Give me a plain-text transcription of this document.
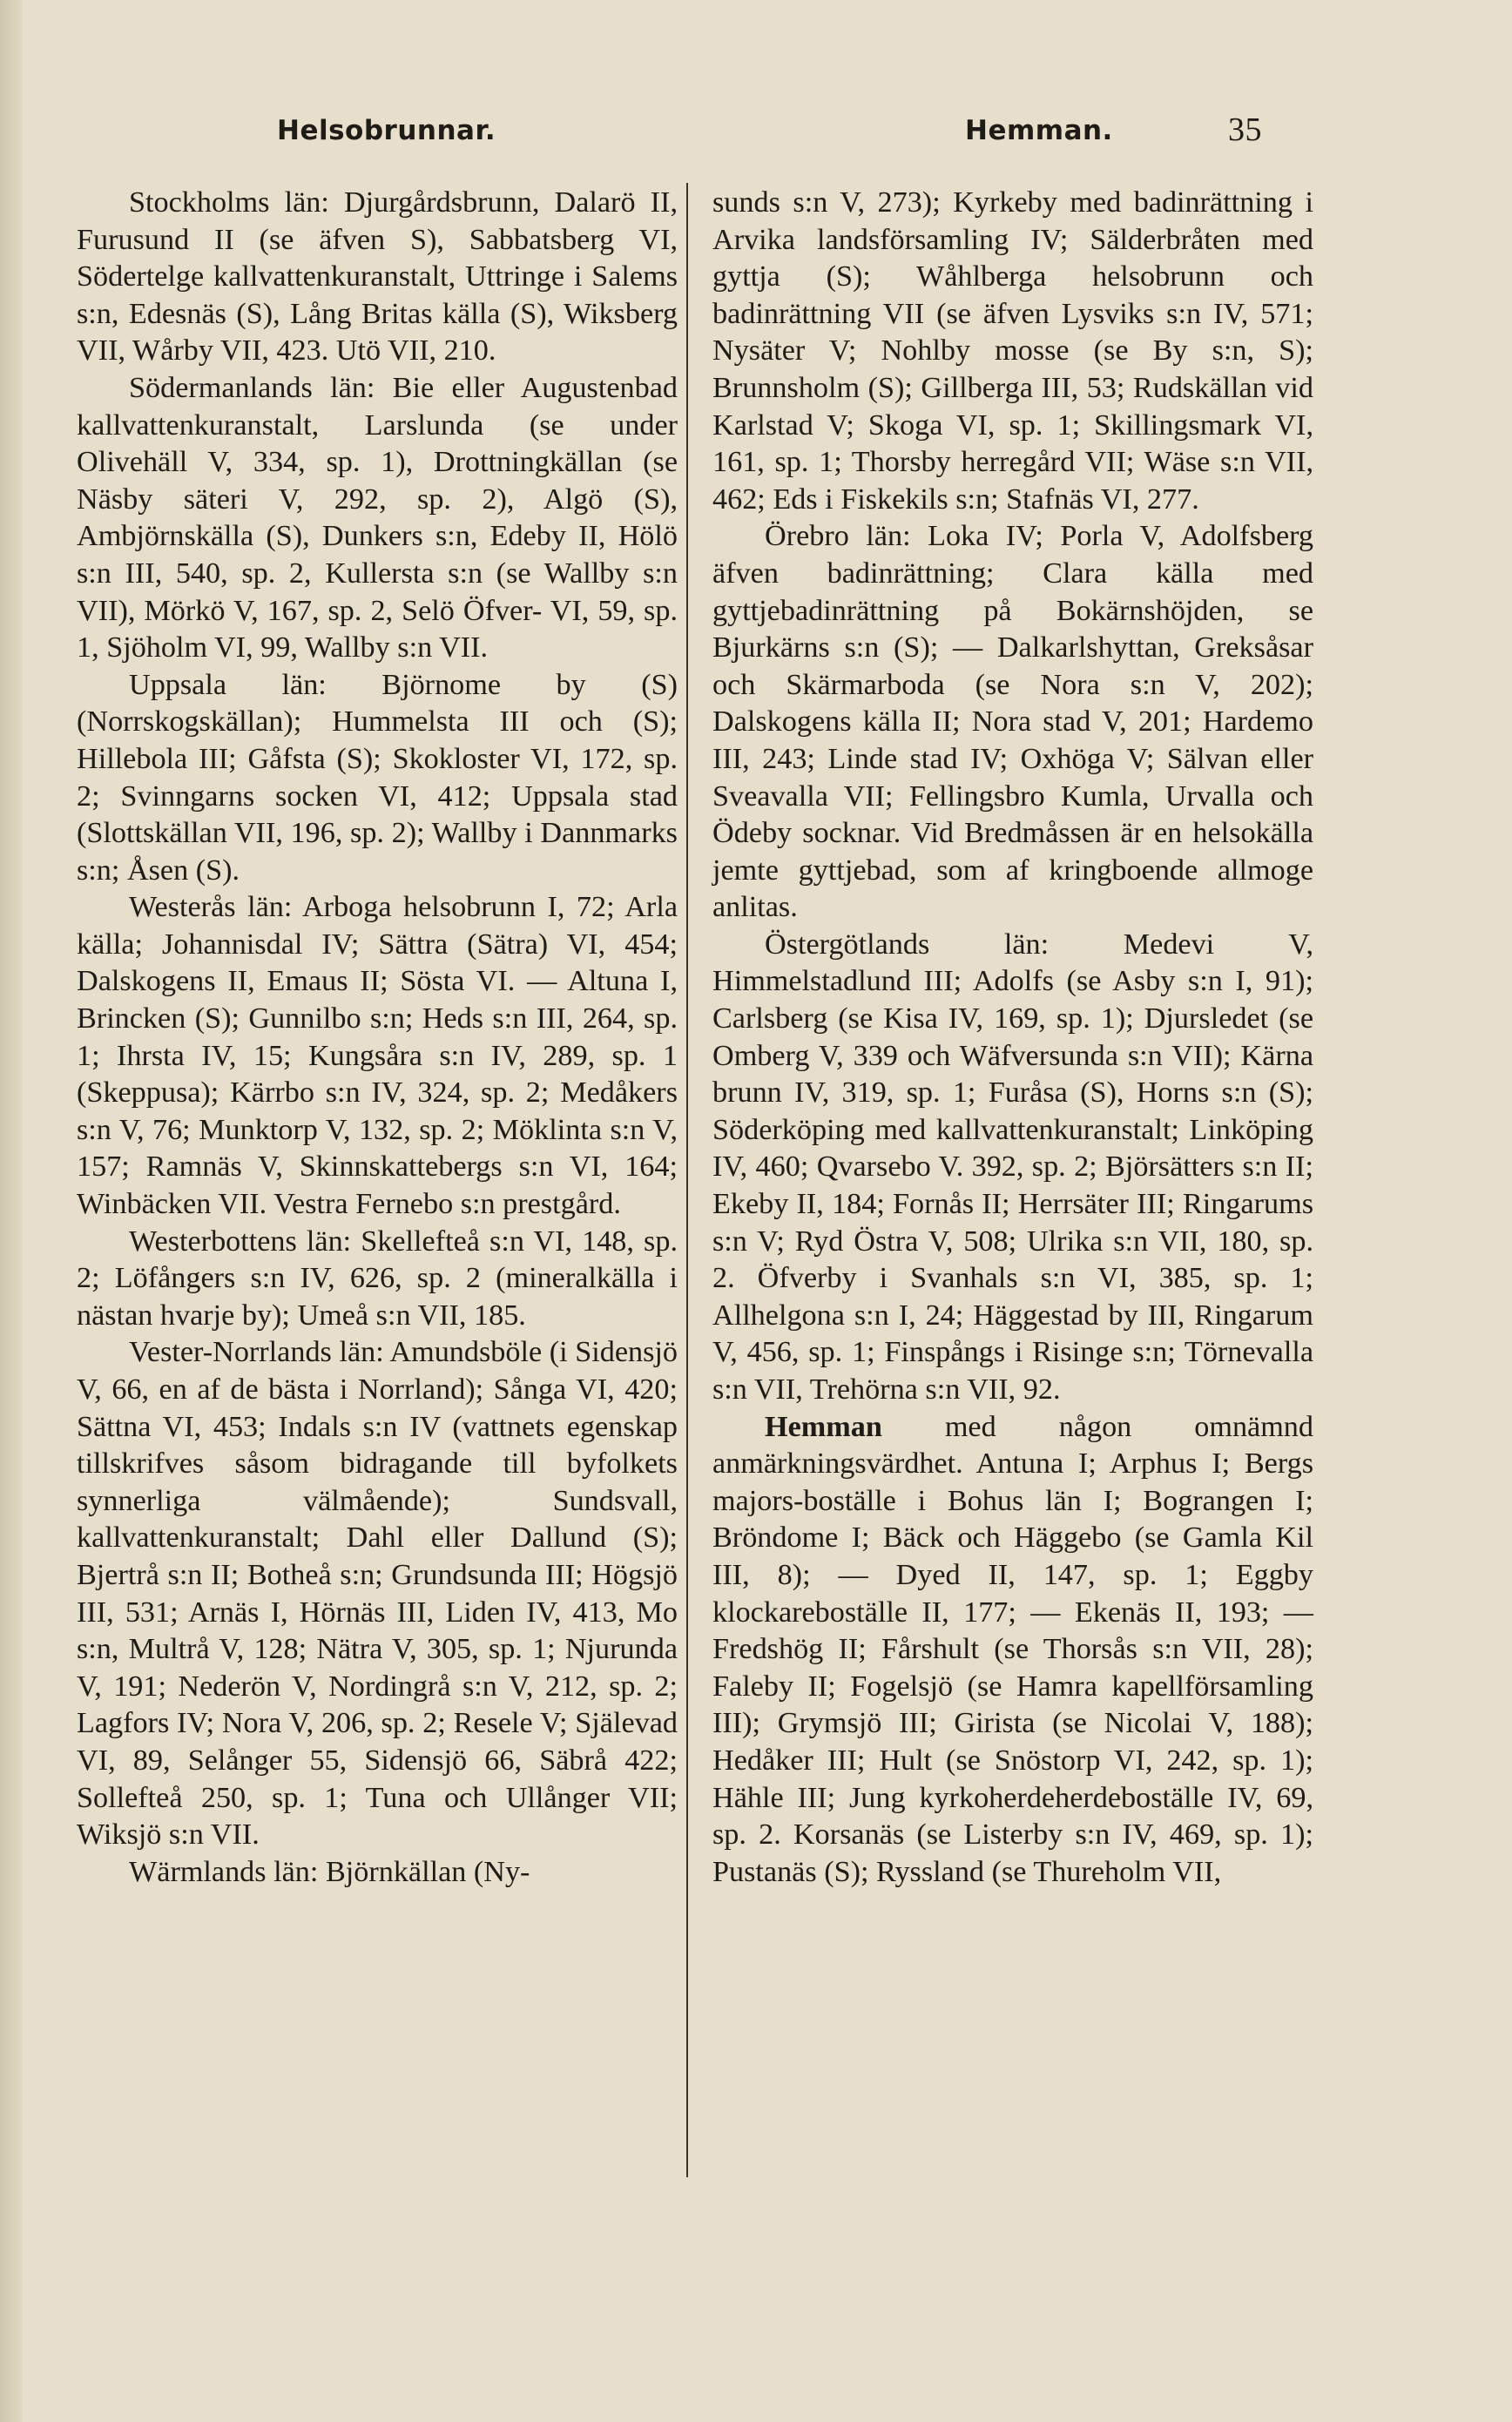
Helsobrunnar.	Hemman.	35

Stockholms län: Djurgårdsbrunn, Dalarö II, Furusund II (se äfven S), Sabbatsberg VI, Södertelge kallvattenkuranstalt, Uttringe i Salems s:n, Edesnäs (S), Lång Britas källa (S), Wiksberg VII, Wårby VII, 423. Utö VII, 210.

Södermanlands län: Bie eller Augustenbad kallvattenkuranstalt, Larslunda (se under Olivehäll V, 334, sp. 1), Drottningkällan (se Näsby säteri V, 292, sp. 2), Algö (S), Ambjörnskälla (S), Dunkers s:n, Edeby II, Hölö s:n III, 540, sp. 2, Kullersta s:n (se Wallby s:n VII), Mörkö V, 167, sp. 2, Selö Öfver- VI, 59, sp. 1, Sjöholm VI, 99, Wallby s:n VII.

Uppsala län: Björnome by (S) (Norrskogskällan); Hummelsta III och (S); Hillebola III; Gåfsta (S); Skokloster VI, 172, sp. 2; Svinngarns socken VI, 412; Uppsala stad (Slottskällan VII, 196, sp. 2); Wallby i Dannmarks s:n; Åsen (S).

Westerås län: Arboga helsobrunn I, 72; Arla källa; Johannisdal IV; Sättra (Sätra) VI, 454; Dalskogens II, Emaus II; Sösta VI. — Altuna I, Brincken (S); Gunnilbo s:n; Heds s:n III, 264, sp. 1; Ihrsta IV, 15; Kungsåra s:n IV, 289, sp. 1 (Skeppusa); Kärrbo s:n IV, 324, sp. 2; Medåkers s:n V, 76; Munktorp V, 132, sp. 2; Möklinta s:n V, 157; Ramnäs V, Skinnskattebergs s:n VI, 164; Winbäcken VII. Vestra Fernebo s:n prestgård.

Westerbottens län: Skellefteå s:n VI, 148, sp. 2; Löfångers s:n IV, 626, sp. 2 (mineralkälla i nästan hvarje by); Umeå s:n VII, 185.

Vester-Norrlands län: Amundsböle (i Sidensjö V, 66, en af de bästa i Norrland); Sånga VI, 420; Sättna VI, 453; Indals s:n IV (vattnets egenskap tillskrifves såsom bidragande till byfolkets synnerliga välmående); Sundsvall, kallvattenkuranstalt; Dahl eller Dallund (S); Bjertrå s:n II; Botheå s:n; Grundsunda III; Högsjö III, 531; Arnäs I, Hörnäs III, Liden IV, 413, Mo s:n, Multrå V, 128; Nätra V, 305, sp. 1; Njurunda V, 191; Nederön V, Nordingrå s:n V, 212, sp. 2; Lagfors IV; Nora V, 206, sp. 2; Resele V; Själevad VI, 89, Selånger 55, Sidensjö 66, Säbrå 422; Sollefteå 250, sp. 1; Tuna och Ullånger VII; Wiksjö s:n VII.

Wärmlands län: Björnkällan (Ny-

sunds s:n V, 273); Kyrkeby med badinrättning i Arvika landsförsamling IV; Sälderbråten med gyttja (S); Wåhlberga helsobrunn och badinrättning VII (se äfven Lysviks s:n IV, 571; Nysäter V; Nohlby mosse (se By s:n, S); Brunnsholm (S); Gillberga III, 53; Rudskällan vid Karlstad V; Skoga VI, sp. 1; Skillingsmark VI, 161, sp. 1; Thorsby herregård VII; Wäse s:n VII, 462; Eds i Fiskekils s:n; Stafnäs VI, 277.

Örebro län: Loka IV; Porla V, Adolfsberg äfven badinrättning; Clara källa med gyttjebadinrättning på Bokärnshöjden, se Bjurkärns s:n (S); — Dalkarlshyttan, Greksåsar och Skärmarboda (se Nora s:n V, 202); Dalskogens källa II; Nora stad V, 201; Hardemo III, 243; Linde stad IV; Oxhöga V; Sälvan eller Sveavalla VII; Fellingsbro Kumla, Urvalla och Ödeby socknar. Vid Bredmåssen är en helsokälla jemte gyttjebad, som af kringboende allmoge anlitas.

Östergötlands län: Medevi V, Himmelstadlund III; Adolfs (se Asby s:n I, 91); Carlsberg (se Kisa IV, 169, sp. 1); Djursledet (se Omberg V, 339 och Wäfversunda s:n VII); Kärna brunn IV, 319, sp. 1; Furåsa (S), Horns s:n (S); Söderköping med kallvattenkuranstalt; Linköping IV, 460; Qvarsebo V. 392, sp. 2; Björsätters s:n II; Ekeby II, 184; Fornås II; Herrsäter III; Ringarums s:n V; Ryd Östra V, 508; Ulrika s:n VII, 180, sp. 2. Öfverby i Svanhals s:n VI, 385, sp. 1; Allhelgona s:n I, 24; Häggestad by III, Ringarum V, 456, sp. 1; Finspångs i Risinge s:n; Törnevalla s:n VII, Trehörna s:n VII, 92.

Hemman med någon omnämnd anmärkningsvärdhet. Antuna I; Arphus I; Bergs majors-boställe i Bohus län I; Bograngen I; Bröndome I; Bäck och Häggebo (se Gamla Kil III, 8); — Dyed II, 147, sp. 1; Eggby klockareboställe II, 177; — Ekenäs II, 193; — Fredshög II; Fårshult (se Thorsås s:n VII, 28); Faleby II; Fogelsjö (se Hamra kapellförsamling III); Grymsjö III; Girista (se Nicolai V, 188); Hedåker III; Hult (se Snöstorp VI, 242, sp. 1); Hähle III; Jung kyrkoherdeherdeboställe IV, 69, sp. 2. Korsanäs (se Listerby s:n IV, 469, sp. 1); Pustanäs (S); Ryssland (se Thureholm VII,
